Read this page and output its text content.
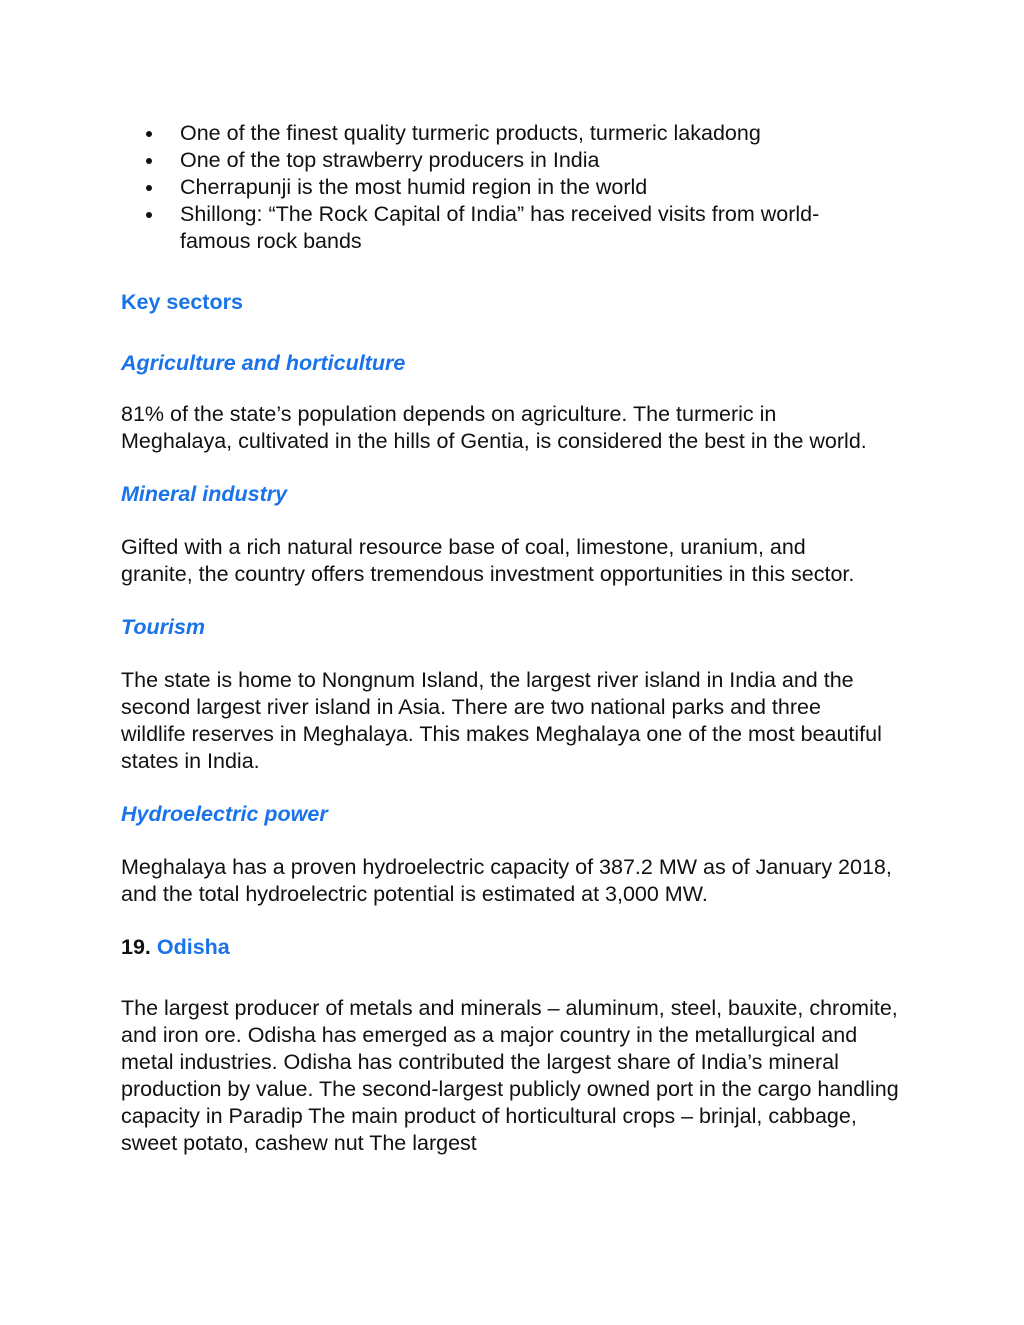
One of the finest quality turmeric products, turmeric lakadong
One of the top strawberry producers in India
Cherrapunji is the most humid region in the world
Shillong: “The Rock Capital of India” has received visits from world-famous rock bands

Key sectors

Agriculture and horticulture

81% of the state’s population depends on agriculture. The turmeric in Meghalaya, cultivated in the hills of Gentia, is considered the best in the world.

Mineral industry

Gifted with a rich natural resource base of coal, limestone, uranium, and granite, the country offers tremendous investment opportunities in this sector.

Tourism

The state is home to Nongnum Island, the largest river island in India and the second largest river island in Asia. There are two national parks and three wildlife reserves in Meghalaya. This makes Meghalaya one of the most beautiful states in India.

Hydroelectric power

Meghalaya has a proven hydroelectric capacity of 387.2 MW as of January 2018, and the total hydroelectric potential is estimated at 3,000 MW.

19. Odisha

The largest producer of metals and minerals – aluminum, steel, bauxite, chromite, and iron ore. Odisha has emerged as a major country in the metallurgical and metal industries. Odisha has contributed the largest share of India’s mineral production by value. The second-largest publicly owned port in the cargo handling capacity in Paradip The main product of horticultural crops – brinjal, cabbage, sweet potato, cashew nut The largest
